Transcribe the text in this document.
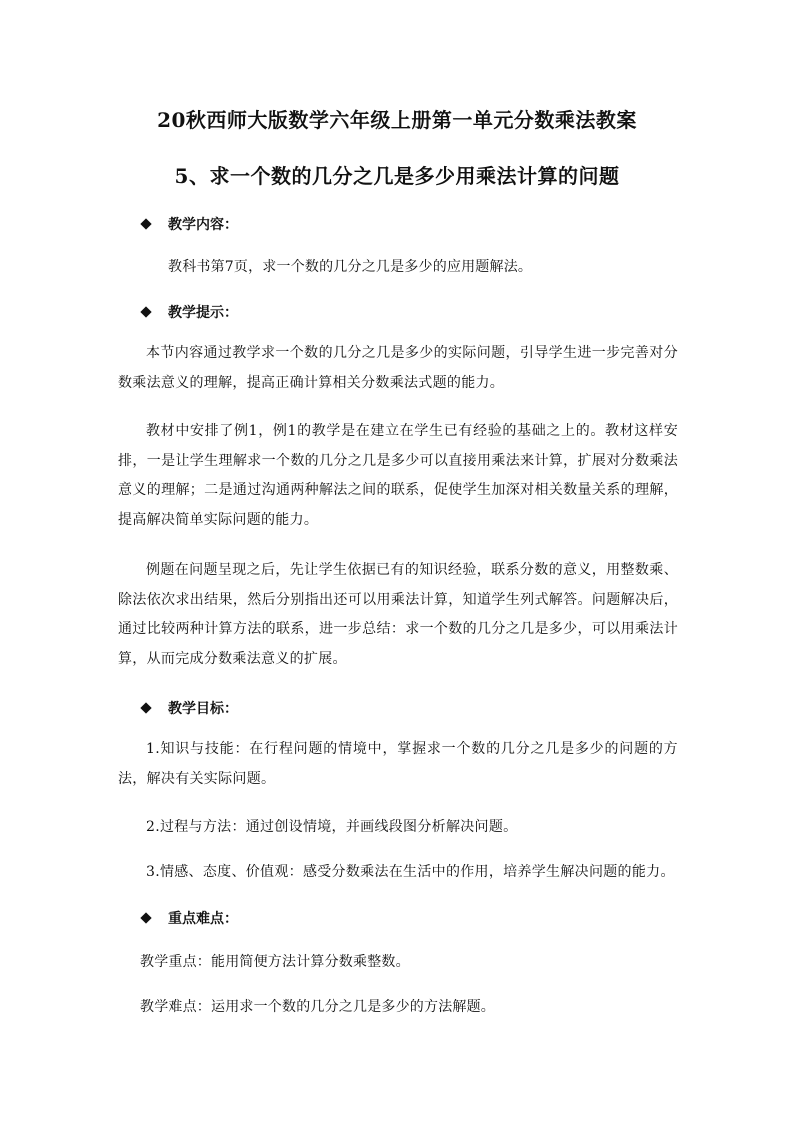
20秋西师大版数学六年级上册第一单元分数乘法教案
5、求一个数的几分之几是多少用乘法计算的问题
教学内容：
教科书第7页，求一个数的几分之几是多少的应用题解法。
教学提示：
本节内容通过教学求一个数的几分之几是多少的实际问题，引导学生进一步完善对分数乘法意义的理解，提高正确计算相关分数乘法式题的能力。
教材中安排了例1，例1的教学是在建立在学生已有经验的基础之上的。教材这样安排，一是让学生理解求一个数的几分之几是多少可以直接用乘法来计算，扩展对分数乘法意义的理解；二是通过沟通两种解法之间的联系，促使学生加深对相关数量关系的理解，提高解决简单实际问题的能力。
例题在问题呈现之后，先让学生依据已有的知识经验，联系分数的意义，用整数乘、除法依次求出结果，然后分别指出还可以用乘法计算，知道学生列式解答。问题解决后，通过比较两种计算方法的联系，进一步总结：求一个数的几分之几是多少，可以用乘法计算，从而完成分数乘法意义的扩展。
教学目标：
1.知识与技能：在行程问题的情境中，掌握求一个数的几分之几是多少的问题的方法，解决有关实际问题。
2.过程与方法：通过创设情境，并画线段图分析解决问题。
3.情感、态度、价值观：感受分数乘法在生活中的作用，培养学生解决问题的能力。
重点难点：
教学重点：能用简便方法计算分数乘整数。
教学难点：运用求一个数的几分之几是多少的方法解题。
